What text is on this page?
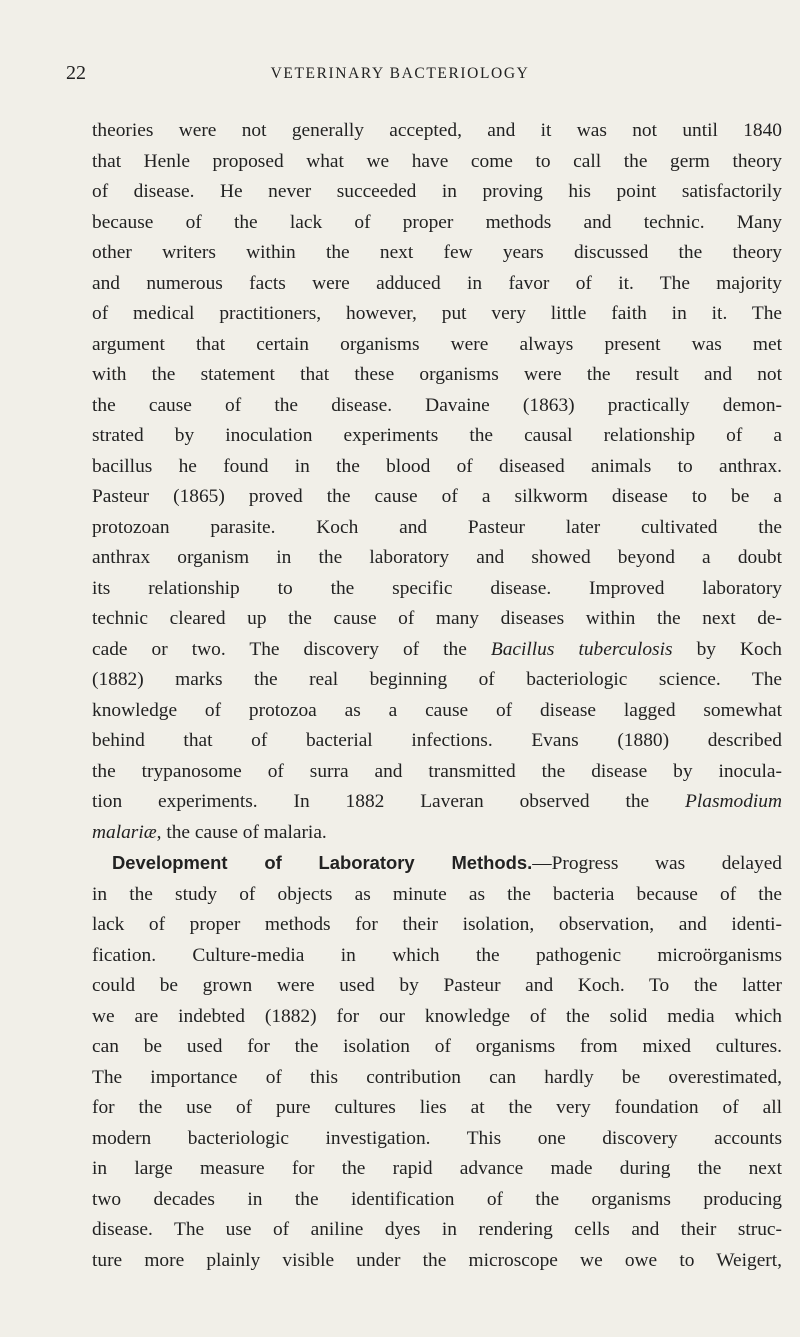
22	VETERINARY BACTERIOLOGY
theories were not generally accepted, and it was not until 1840
that Henle proposed what we have come to call the germ theory
of disease. He never succeeded in proving his point satisfactorily
because of the lack of proper methods and technic. Many
other writers within the next few years discussed the theory
and numerous facts were adduced in favor of it. The majority
of medical practitioners, however, put very little faith in it. The
argument that certain organisms were always present was met
with the statement that these organisms were the result and not
the cause of the disease. Davaine (1863) practically demon-
strated by inoculation experiments the causal relationship of a
bacillus he found in the blood of diseased animals to anthrax.
Pasteur (1865) proved the cause of a silkworm disease to be a
protozoan parasite. Koch and Pasteur later cultivated the
anthrax organism in the laboratory and showed beyond a doubt
its relationship to the specific disease. Improved laboratory
technic cleared up the cause of many diseases within the next de-
cade or two. The discovery of the Bacillus tuberculosis by Koch
(1882) marks the real beginning of bacteriologic science. The
knowledge of protozoa as a cause of disease lagged somewhat
behind that of bacterial infections. Evans (1880) described
the trypanosome of surra and transmitted the disease by inocula-
tion experiments. In 1882 Laveran observed the Plasmodium
malariæ, the cause of malaria.
Development of Laboratory Methods.—Progress was delayed
in the study of objects as minute as the bacteria because of the
lack of proper methods for their isolation, observation, and identi-
fication. Culture-media in which the pathogenic microörganisms
could be grown were used by Pasteur and Koch. To the latter
we are indebted (1882) for our knowledge of the solid media which
can be used for the isolation of organisms from mixed cultures.
The importance of this contribution can hardly be overestimated,
for the use of pure cultures lies at the very foundation of all
modern bacteriologic investigation. This one discovery accounts
in large measure for the rapid advance made during the next
two decades in the identification of the organisms producing
disease. The use of aniline dyes in rendering cells and their struc-
ture more plainly visible under the microscope we owe to Weigert,
